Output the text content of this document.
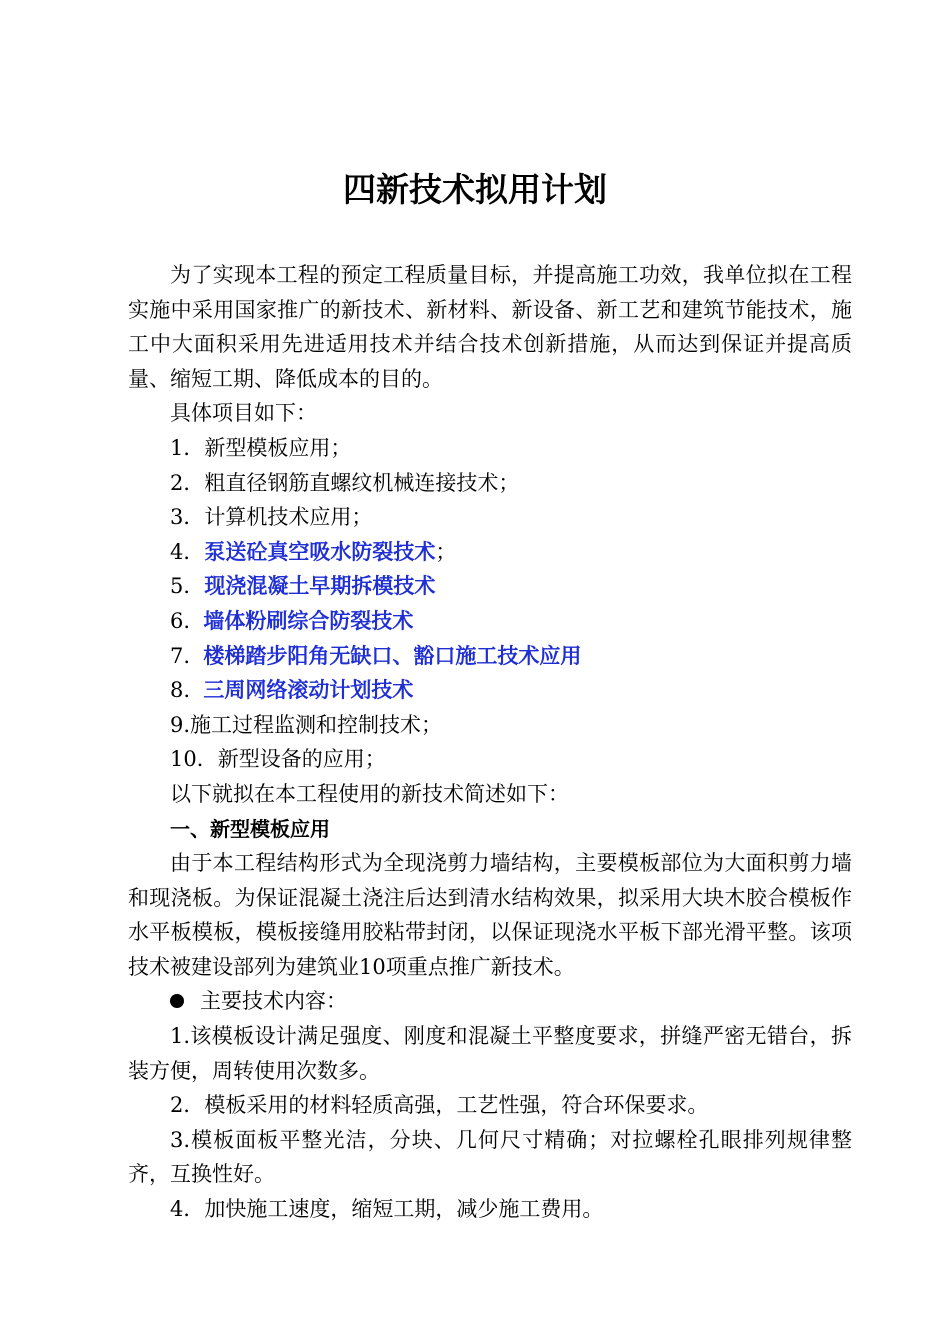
四新技术拟用计划

为了实现本工程的预定工程质量目标，并提高施工功效，我单位拟在工程实施中采用国家推广的新技术、新材料、新设备、新工艺和建筑节能技术，施工中大面积采用先进适用技术并结合技术创新措施，从而达到保证并提高质量、缩短工期、降低成本的目的。

具体项目如下：

1．新型模板应用；

2．粗直径钢筋直螺纹机械连接技术；

3．计算机技术应用；

4．泵送砼真空吸水防裂技术；

5．现浇混凝土早期拆模技术

6.  墙体粉刷综合防裂技术

7.  楼梯踏步阳角无缺口、豁口施工技术应用

8.  三周网络滚动计划技术

9.施工过程监测和控制技术；

10．新型设备的应用；

以下就拟在本工程使用的新技术简述如下：

一、新型模板应用

由于本工程结构形式为全现浇剪力墙结构，主要模板部位为大面积剪力墙和现浇板。为保证混凝土浇注后达到清水结构效果，拟采用大块木胶合模板作水平板模板，模板接缝用胶粘带封闭，以保证现浇水平板下部光滑平整。该项技术被建设部列为建筑业10项重点推广新技术。

主要技术内容：

1.该模板设计满足强度、刚度和混凝土平整度要求，拼缝严密无错台，拆装方便，周转使用次数多。

2．模板采用的材料轻质高强，工艺性强，符合环保要求。

3.模板面板平整光洁，分块、几何尺寸精确；对拉螺栓孔眼排列规律整齐，互换性好。

4．加快施工速度，缩短工期，减少施工费用。
